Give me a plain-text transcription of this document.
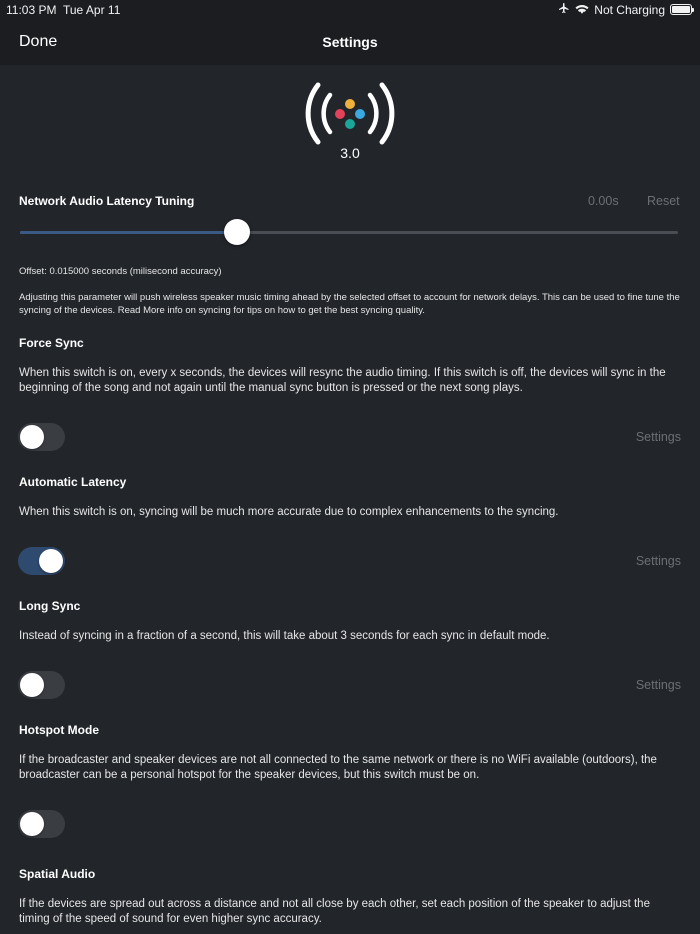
11:03 PM Tue Apr 11	Not Charging
Done	Settings
3.0
Network Audio Latency Tuning	0.00s Reset
Offset: 0.015000 seconds (milisecond accuracy)
Adjusting this parameter will push wireless speaker music timing ahead by the selected offset to account for network delays. This can be used to fine tune the syncing of the devices. Read More info on syncing for tips on how to get the best syncing quality.
Force Sync
When this switch is on, every x seconds, the devices will resync the audio timing. If this switch is off, the devices will sync in the beginning of the song and not again until the manual sync button is pressed or the next song plays.
Settings
Automatic Latency
When this switch is on, syncing will be much more accurate due to complex enhancements to the syncing.
Settings
Long Sync
Instead of syncing in a fraction of a second, this will take about 3 seconds for each sync in default mode.
Settings
Hotspot Mode
If the broadcaster and speaker devices are not all connected to the same network or there is no WiFi available (outdoors), the broadcaster can be a personal hotspot for the speaker devices, but this switch must be on.
Spatial Audio
If the devices are spread out across a distance and not all close by each other, set each position of the speaker to adjust the timing of the speed of sound for even higher sync accuracy.
